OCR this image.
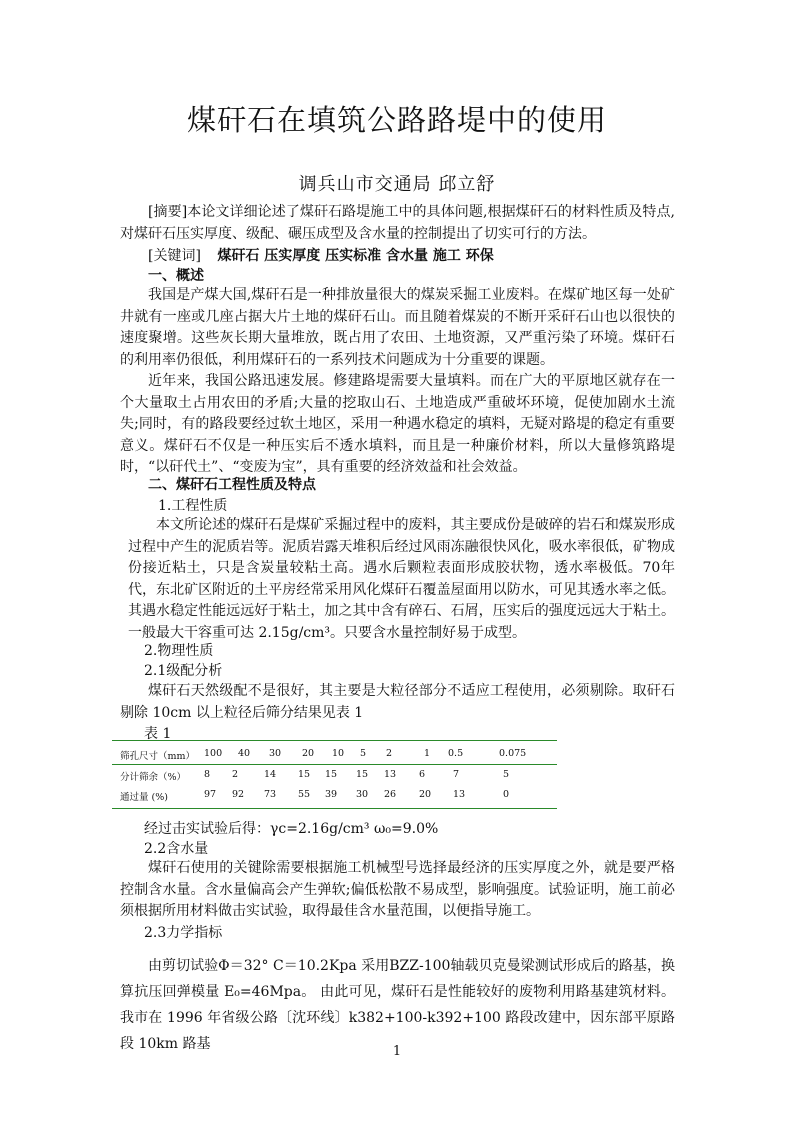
煤矸石在填筑公路路堤中的使用
调兵山市交通局 邱立舒

[摘要]本论文详细论述了煤矸石路堤施工中的具体问题,根据煤矸石的材料性质及特点,对煤矸石压实厚度、级配、碾压成型及含水量的控制提出了切实可行的方法。

[关键词] 煤矸石 压实厚度 压实标准 含水量 施工 环保
一、概述

我国是产煤大国,煤矸石是一种排放量很大的煤炭采掘工业废料。在煤矿地区每一处矿井就有一座或几座占据大片土地的煤矸石山。而且随着煤炭的不断开采矸石山也以很快的速度聚增。这些灰长期大量堆放，既占用了农田、土地资源，又严重污染了环境。煤矸石的利用率仍很低，利用煤矸石的一系列技术问题成为十分重要的课题。

近年来，我国公路迅速发展。修建路堤需要大量填料。而在广大的平原地区就存在一个大量取土占用农田的矛盾;大量的挖取山石、土地造成严重破坏环境，促使加剧水土流失;同时，有的路段要经过软土地区，采用一种遇水稳定的填料，无疑对路堤的稳定有重要意义。煤矸石不仅是一种压实后不透水填料，而且是一种廉价材料，所以大量修筑路堤时，“以矸代土”、“变废为宝”，具有重要的经济效益和社会效益。

二、煤矸石工程性质及特点
1.工程性质

本文所论述的煤矸石是煤矿采掘过程中的废料，其主要成份是破碎的岩石和煤炭形成过程中产生的泥质岩等。泥质岩露天堆积后经过风雨冻融很快风化，吸水率很低，矿物成份接近粘土，只是含炭量较粘土高。遇水后颗粒表面形成胶状物，透水率极低。70年代，东北矿区附近的土平房经常采用风化煤矸石覆盖屋面用以防水，可见其透水率之低。其遇水稳定性能远远好于粘土，加之其中含有碎石、石屑，压实后的强度远远大于粘土。一般最大干容重可达 2.15g/cm³。只要含水量控制好易于成型。

2.物理性质
2.1级配分析

煤矸石天然级配不是很好，其主要是大粒径部分不适应工程使用，必须剔除。取矸石剔除 10cm 以上粒径后筛分结果见表 1

表 1
筛孔尺寸（mm） 100 40 30 20 10 5 2	1 0.5	0.075
分计筛余（%） 8 2	14 15 15 15 13 6	7	5
通过量 (%)	97 92 73 55 39 30 26 20 13	0
经过击实试验后得：γc=2.16g/cm³ ω₀=9.0%
2.2含水量

煤矸石使用的关键除需要根据施工机械型号选择最经济的压实厚度之外，就是要严格控制含水量。含水量偏高会产生弹软;偏低松散不易成型，影响强度。试验证明，施工前必须根据所用材料做击实试验，取得最佳含水量范围，以便指导施工。

2.3力学指标

由剪切试验Φ＝32° C＝10.2Kpa 采用BZZ-100轴载贝克曼梁测试形成后的路基，换算抗压回弹模量 E₀=46Mpa。 由此可见，煤矸石是性能较好的废物利用路基建筑材料。我市在 1996 年省级公路〔沈环线〕k382+100-k392+100 路段改建中，因东部平原路段 10km 路基	1
